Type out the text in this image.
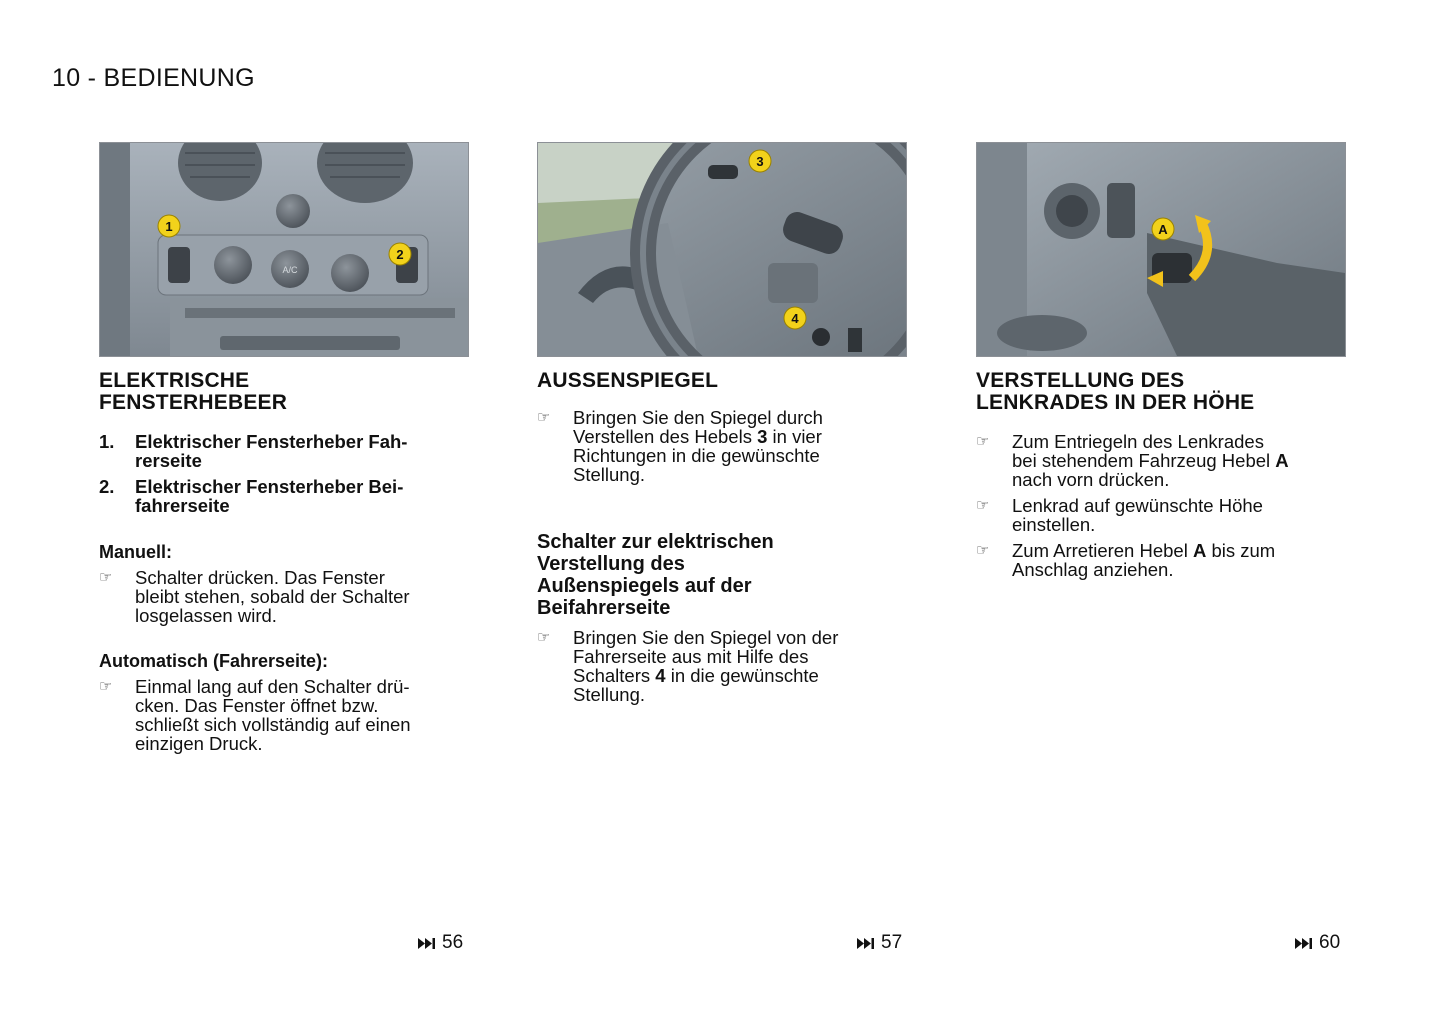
10 - BEDIENUNG
A/C
1
2
ELEKTRISCHE
FENSTERHEBEER
1. Elektrischer Fensterheber Fah-
rerseite
2. Elektrischer Fensterheber Bei-
fahrerseite
Manuell:
☞ Schalter drücken. Das Fenster
bleibt stehen, sobald der Schalter
losgelassen wird.
Automatisch (Fahrerseite):
☞ Einmal lang auf den Schalter drü-
cken. Das Fenster öffnet bzw.
schließt sich vollständig auf einen
einzigen Druck.
3
4
AUSSENSPIEGEL
☞ Bringen Sie den Spiegel durch
Verstellen des Hebels 3 in vier
Richtungen in die gewünschte
Stellung.
Schalter zur elektrischen
Verstellung des
Außenspiegels auf der
Beifahrerseite
☞ Bringen Sie den Spiegel von der
Fahrerseite aus mit Hilfe des
Schalters 4 in die gewünschte
Stellung.
A
VERSTELLUNG DES
LENKRADES IN DER HÖHE
☞ Zum Entriegeln des Lenkrades
bei stehendem Fahrzeug Hebel A
nach vorn drücken.
☞ Lenkrad auf gewünschte Höhe
einstellen.
☞ Zum Arretieren Hebel A bis zum
Anschlag anziehen.
56	57	60
